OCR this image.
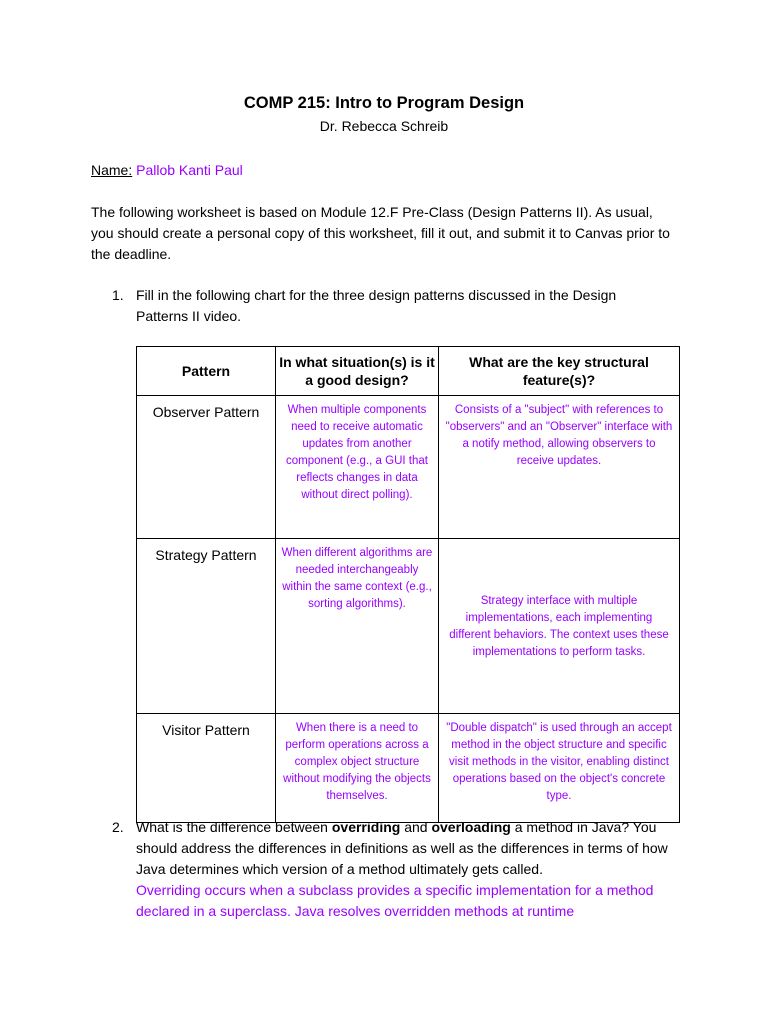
COMP 215: Intro to Program Design
Dr. Rebecca Schreib
Name: Pallob Kanti Paul
The following worksheet is based on Module 12.F Pre-Class (Design Patterns II). As usual, you should create a personal copy of this worksheet, fill it out, and submit it to Canvas prior to the deadline.
1. Fill in the following chart for the three design patterns discussed in the Design Patterns II video.
Pattern	In what situation(s) is it a good design?	What are the key structural feature(s)?
Observer Pattern	When multiple components need to receive automatic updates from another component (e.g., a GUI that reflects changes in data without direct polling).	Consists of a "subject" with references to "observers" and an "Observer" interface with a notify method, allowing observers to receive updates.
Strategy Pattern	When different algorithms are needed interchangeably within the same context (e.g., sorting algorithms).	Strategy interface with multiple implementations, each implementing different behaviors. The context uses these implementations to perform tasks.
Visitor Pattern	When there is a need to perform operations across a complex object structure without modifying the objects themselves.	"Double dispatch" is used through an accept method in the object structure and specific visit methods in the visitor, enabling distinct operations based on the object's concrete type.
2. What is the difference between overriding and overloading a method in Java? You should address the differences in definitions as well as the differences in terms of how Java determines which version of a method ultimately gets called.
Overriding occurs when a subclass provides a specific implementation for a method declared in a superclass. Java resolves overridden methods at runtime
